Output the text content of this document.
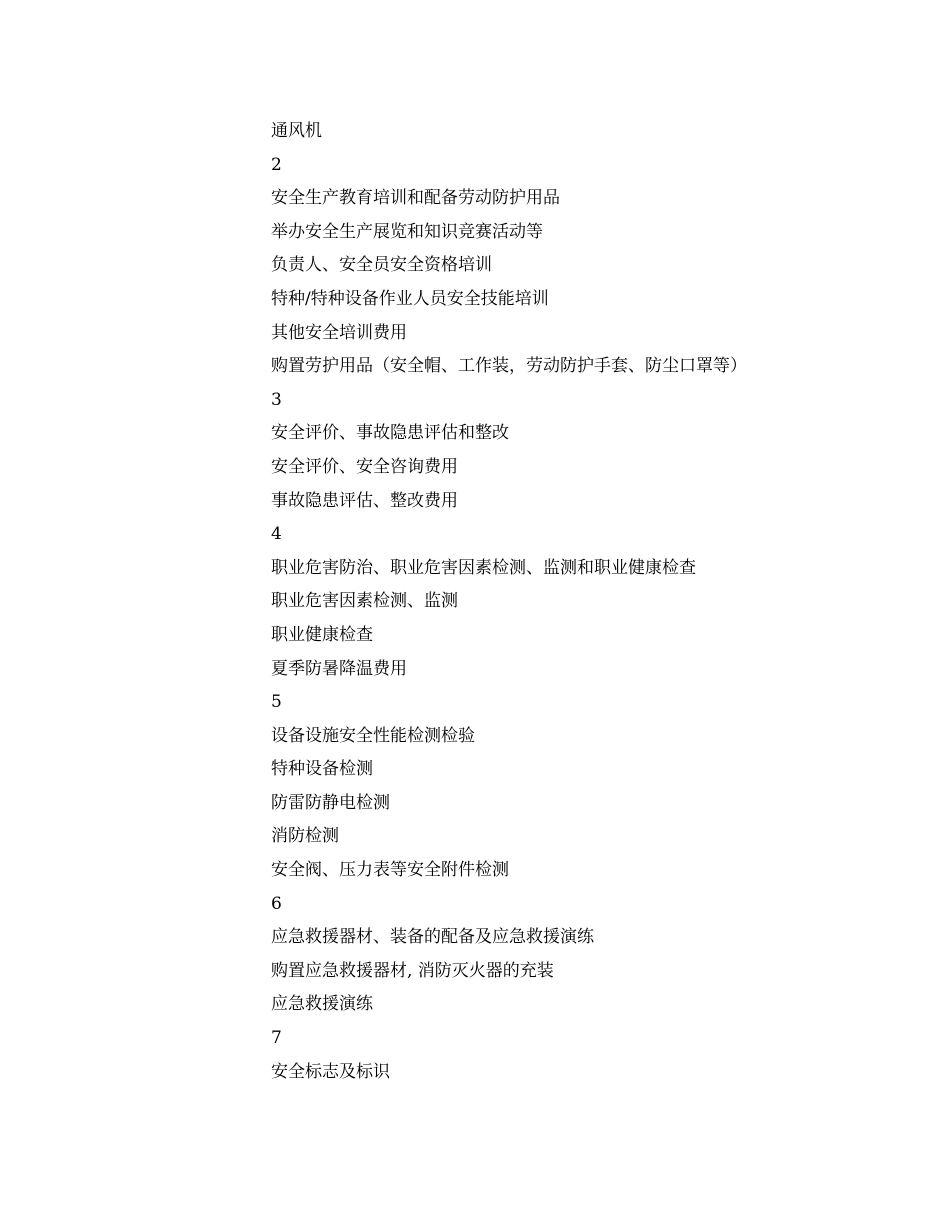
通风机
2
安全生产教育培训和配备劳动防护用品
举办安全生产展览和知识竞赛活动等
负责人、安全员安全资格培训
特种/特种设备作业人员安全技能培训
其他安全培训费用
购置劳护用品（安全帽、工作装，劳动防护手套、防尘口罩等）
3
安全评价、事故隐患评估和整改
安全评价、安全咨询费用
事故隐患评估、整改费用
4
职业危害防治、职业危害因素检测、监测和职业健康检查
职业危害因素检测、监测
职业健康检查
夏季防暑降温费用
5
设备设施安全性能检测检验
特种设备检测
防雷防静电检测
消防检测
安全阀、压力表等安全附件检测
6
应急救援器材、装备的配备及应急救援演练
购置应急救援器材, 消防灭火器的充装
应急救援演练
7
安全标志及标识
